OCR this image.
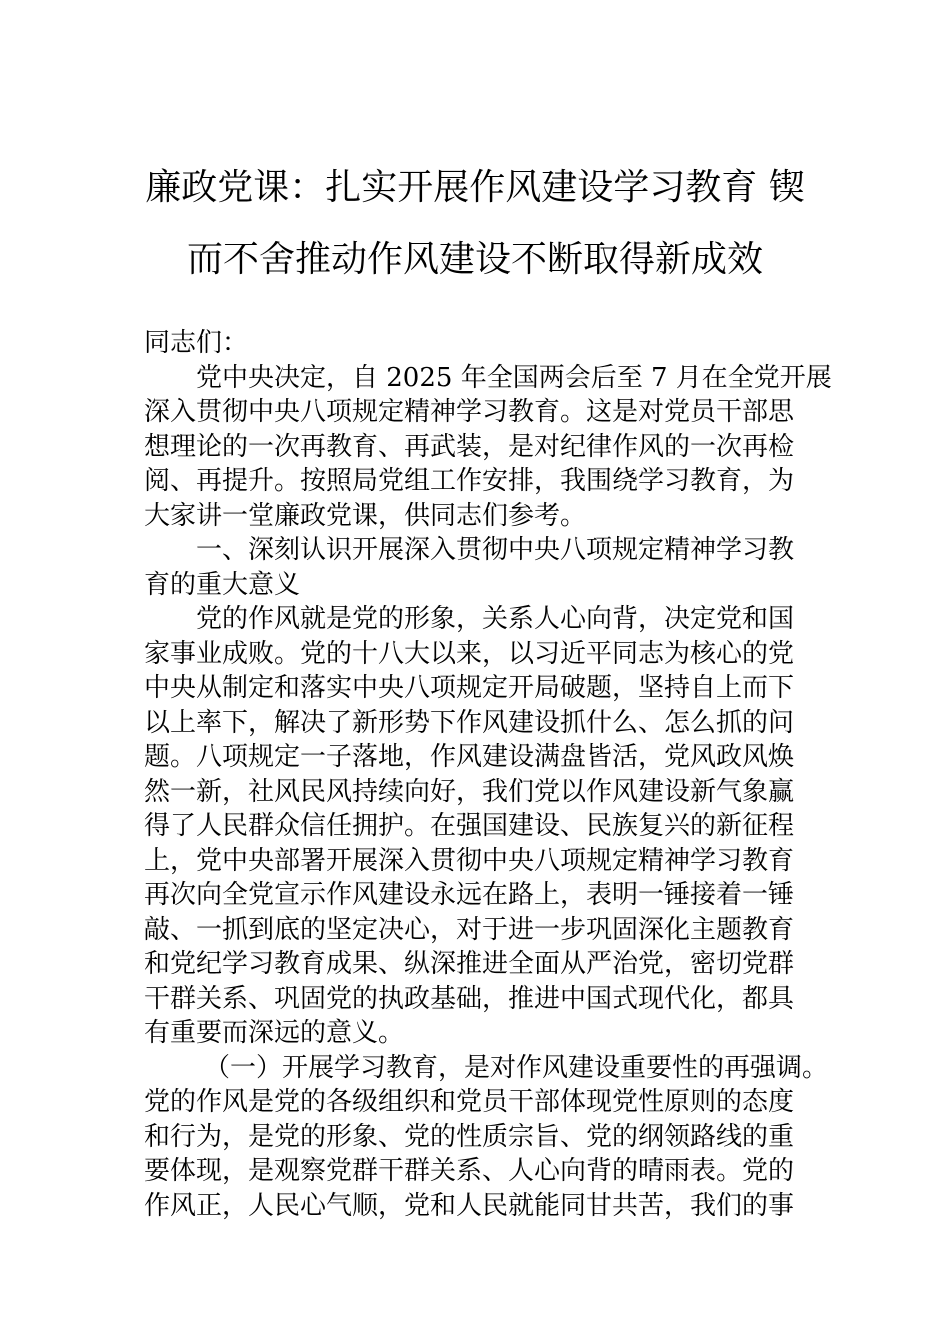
廉政党课：扎实开展作风建设学习教育 锲
而不舍推动作风建设不断取得新成效
同志们：
党中央决定，自 2025 年全国两会后至 7 月在全党开展
深入贯彻中央八项规定精神学习教育。这是对党员干部思
想理论的一次再教育、再武装，是对纪律作风的一次再检
阅、再提升。按照局党组工作安排，我围绕学习教育，为
大家讲一堂廉政党课，供同志们参考。
一、深刻认识开展深入贯彻中央八项规定精神学习教
育的重大意义
党的作风就是党的形象，关系人心向背，决定党和国
家事业成败。党的十八大以来，以习近平同志为核心的党
中央从制定和落实中央八项规定开局破题，坚持自上而下
以上率下，解决了新形势下作风建设抓什么、怎么抓的问
题。八项规定一子落地，作风建设满盘皆活，党风政风焕
然一新，社风民风持续向好，我们党以作风建设新气象赢
得了人民群众信任拥护。在强国建设、民族复兴的新征程
上，党中央部署开展深入贯彻中央八项规定精神学习教育
再次向全党宣示作风建设永远在路上，表明一锤接着一锤
敲、一抓到底的坚定决心，对于进一步巩固深化主题教育
和党纪学习教育成果、纵深推进全面从严治党，密切党群
干群关系、巩固党的执政基础，推进中国式现代化，都具
有重要而深远的意义。
（一）开展学习教育，是对作风建设重要性的再强调。
党的作风是党的各级组织和党员干部体现党性原则的态度
和行为，是党的形象、党的性质宗旨、党的纲领路线的重
要体现，是观察党群干群关系、人心向背的晴雨表。党的
作风正，人民心气顺，党和人民就能同甘共苦，我们的事
